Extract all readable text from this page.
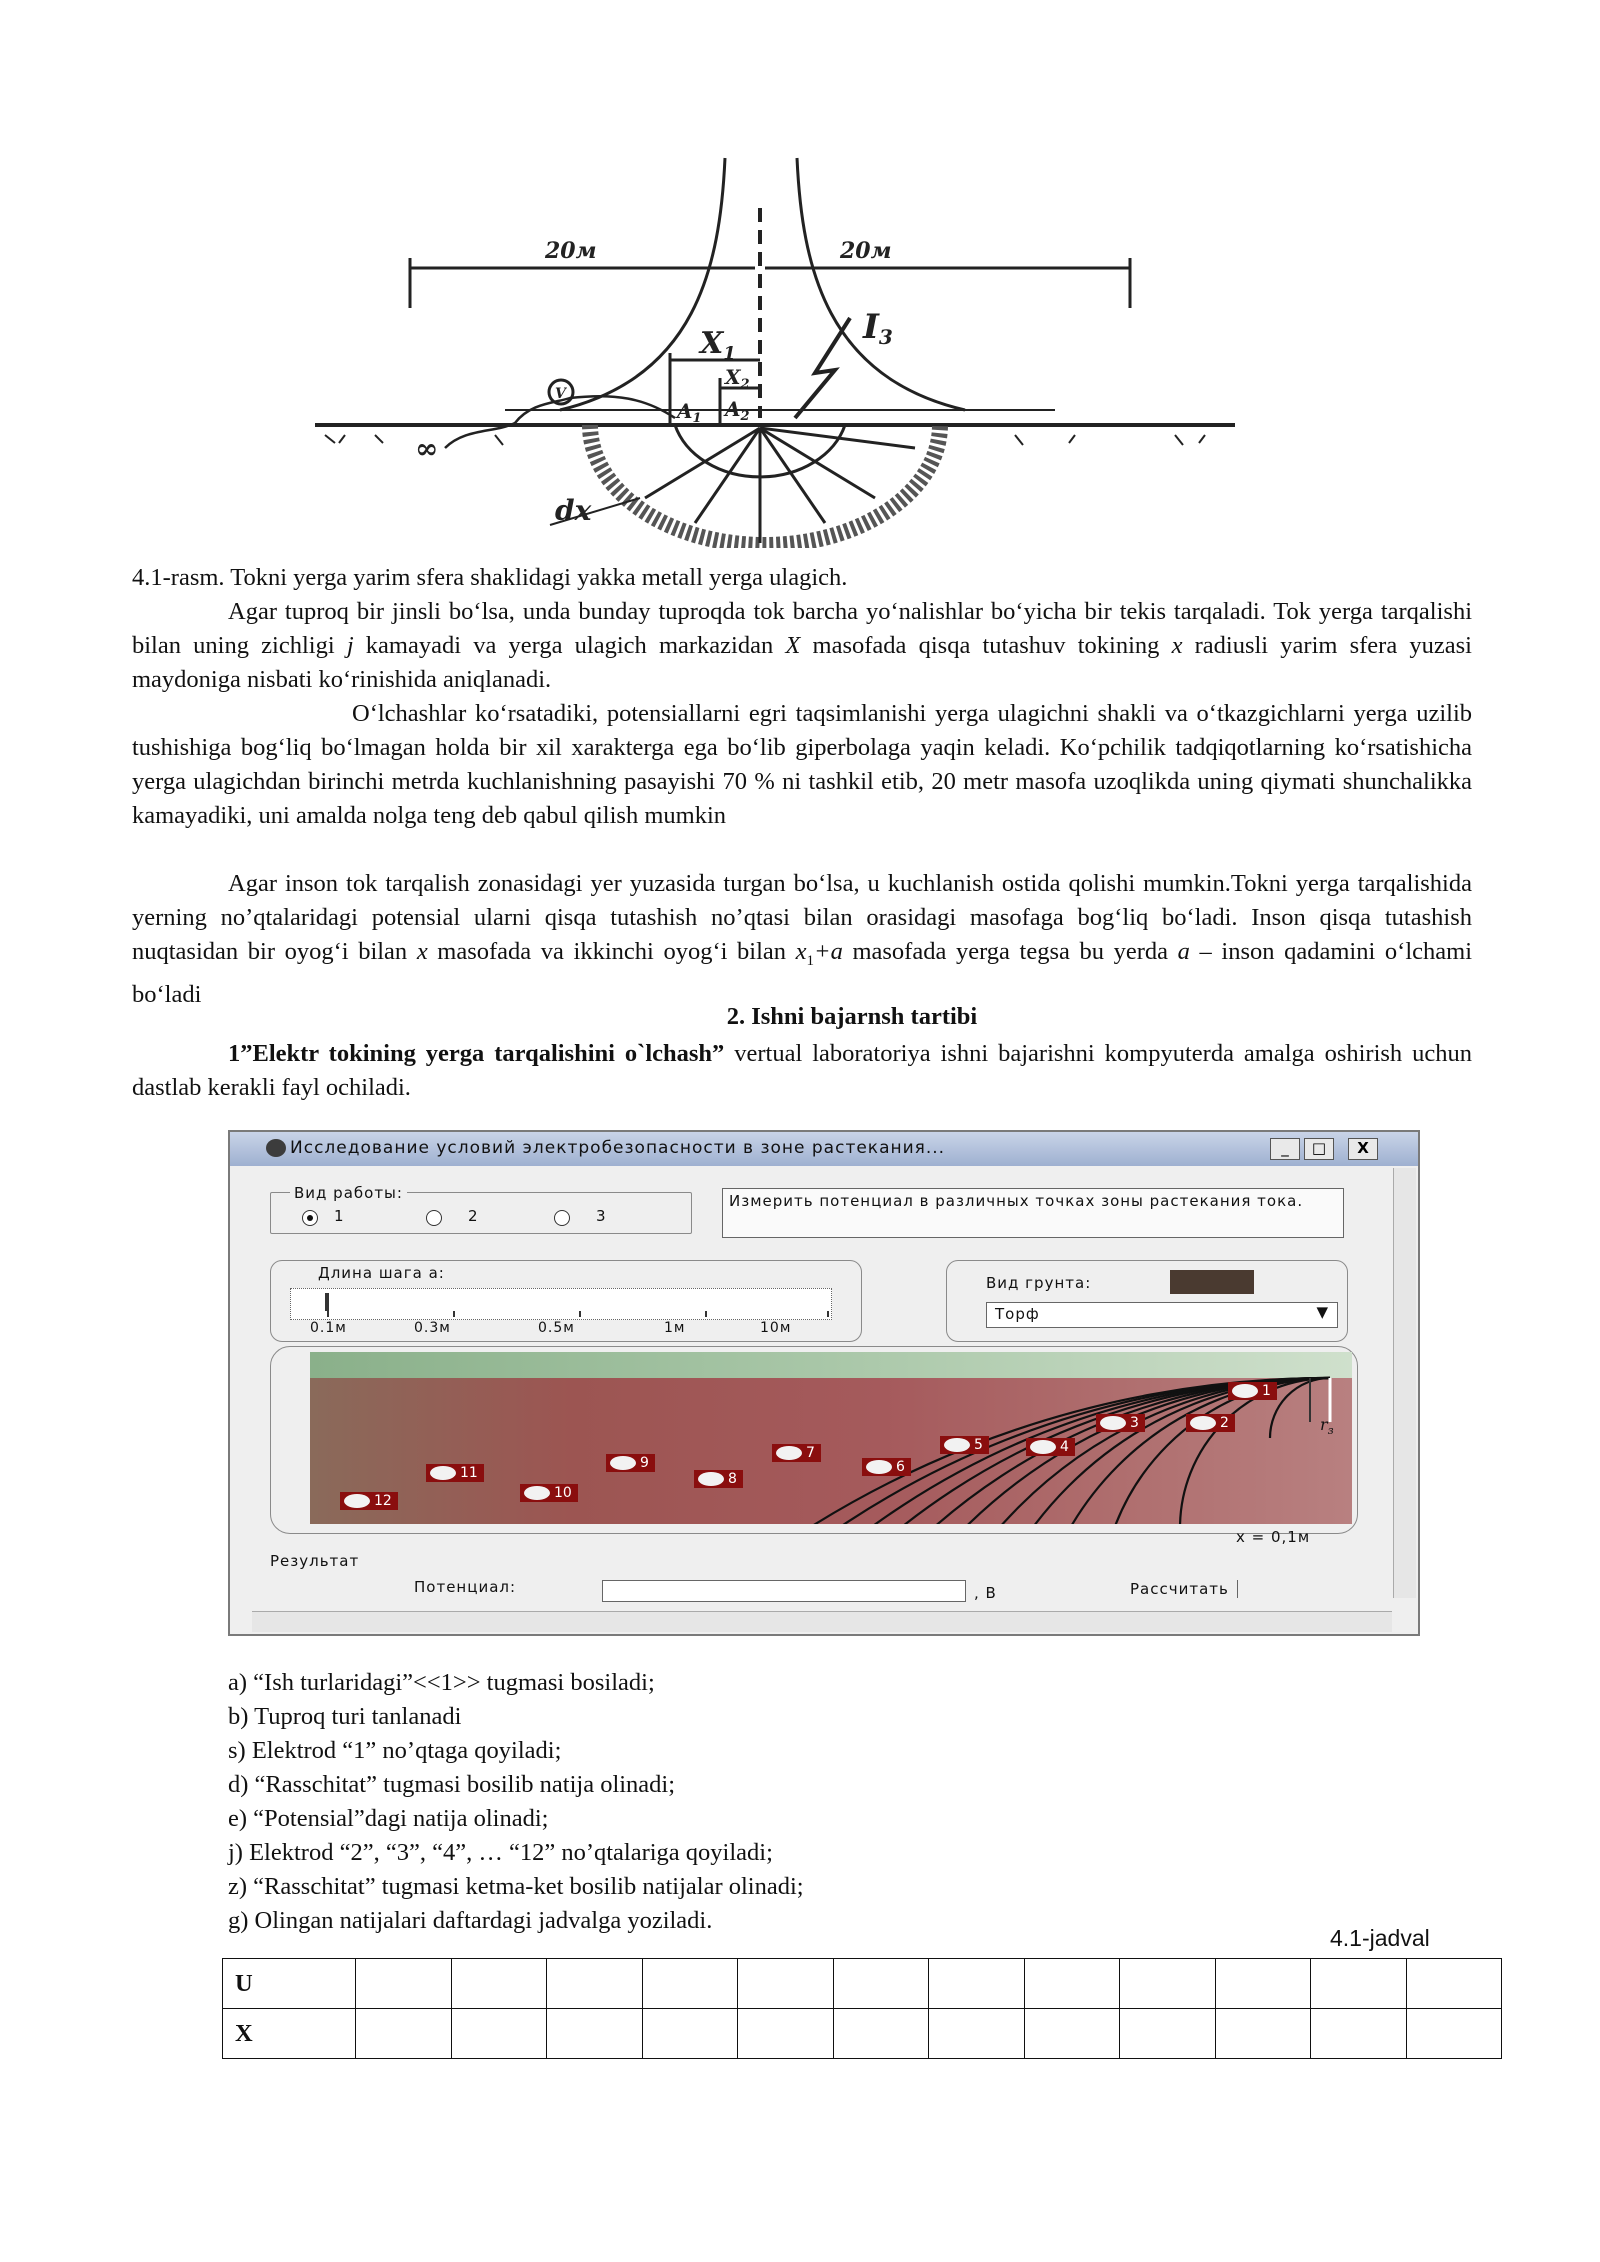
V
∞
20м	20м
$X_1$
$X_2$
I3
$A_1$ $A_2$
dx
4.1-rasm. Tokni yerga yarim sfera shaklidagi yakka metall yerga ulagich.
Agar tuproq bir jinsli bo‘lsa, unda bunday tuproqda tok barcha yo‘nalishlar bo‘yicha bir tekis tarqaladi. Tok yerga tarqalishi bilan uning zichligi j kamayadi va yerga ulagich markazidan X masofada qisqa tutashuv tokining x radiusli yarim sfera yuzasi maydoniga nisbati ko‘rinishida aniqlanadi.
O‘lchashlar ko‘rsatadiki, potensiallarni egri taqsimlanishi yerga ulagichni shakli va o‘tkazgichlarni yerga uzilib tushishiga bog‘liq bo‘lmagan holda bir xil xarakterga ega bo‘lib giperbolaga yaqin keladi. Ko‘pchilik tadqiqotlarning ko‘rsatishicha yerga ulagichdan birinchi metrda kuchlanishning pasayishi 70 % ni tashkil etib, 20 metr masofa uzoqlikda uning qiymati shunchalikka kamayadiki, uni amalda nolga teng deb qabul qilish mumkin
Agar inson tok tarqalish zonasidagi yer yuzasida turgan bo‘lsa, u kuchlanish ostida qolishi mumkin.Tokni yerga tarqalishida yerning no’qtalaridagi potensial ularni qisqa tutashish no’qtasi bilan orasidagi masofaga bog‘liq bo‘ladi. Inson qisqa tutashish nuqtasidan bir oyog‘i bilan x masofada va ikkinchi oyog‘i bilan $x_1+a$ masofada yerga tegsa bu yerda a – inson qadamini o‘lchami bo‘ladi
2. Ishni bajarnsh tartibi
1”Elektr tokining yerga tarqalishini o`lchash” vertual laboratoriya ishni bajarishni kompyuterda amalga oshirish uchun dastlab kerakli fayl ochiladi.
Исследование условий электробезопасности в зоне растекания...	_	□	X
Вид работы:
1	2	3
Измерить потенциал в различных точках зоны растекания тока.
Длина шага а:
0.1м	0.3м	0.5м	1м	10м
Вид грунта:
Торф	▼
$r_з$
1
2
3
4
5
6
7
8
9
10
11
12
x = 0,1м
Результат
Потенциал:	, В	Рассчитать
a) “Ish turlaridagi”<<1>> tugmasi bosiladi;
b) Tuproq turi tanlanadi
s) Elektrod “1” no’qtaga qoyiladi;
d) “Rasschitat” tugmasi bosilib natija olinadi;
e) “Potensial”dagi natija olinadi;
j) Elektrod “2”, “3”, “4”, … “12” no’qtalariga qoyiladi;
z) “Rasschitat” tugmasi ketma-ket bosilib natijalar olinadi;
g) Olingan natijalari daftardagi jadvalga yoziladi.
4.1-jadval
U												
X												
